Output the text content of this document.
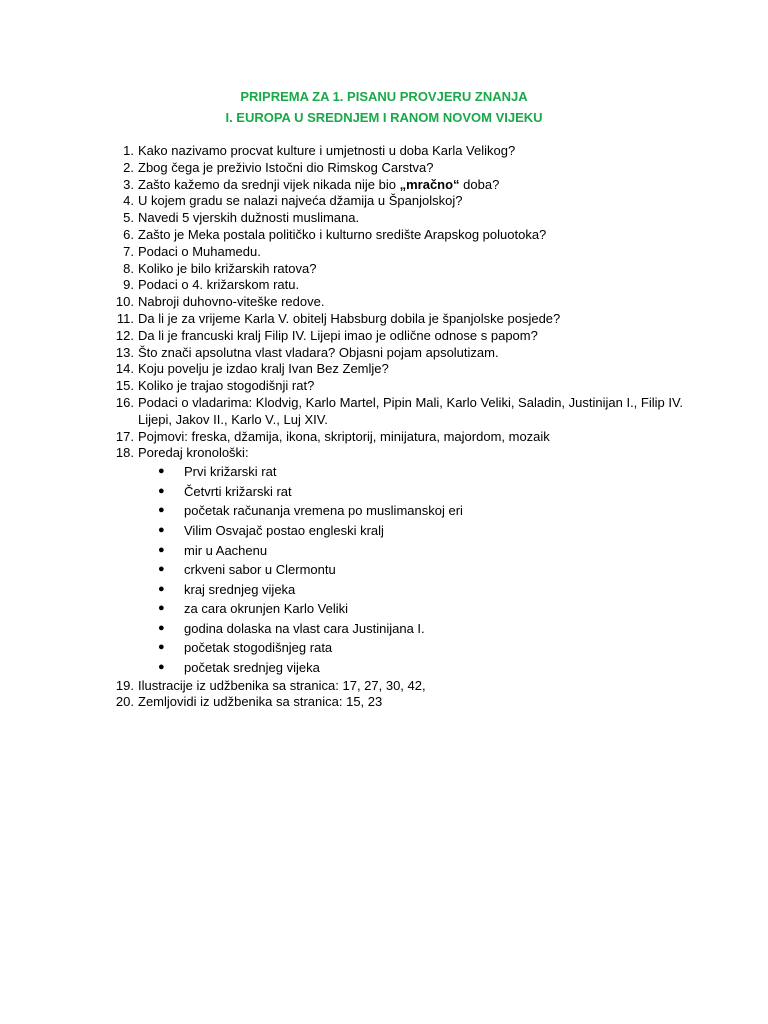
PRIPREMA ZA 1. PISANU PROVJERU ZNANJA
I. EUROPA U SREDNJEM I RANOM NOVOM VIJEKU
1. Kako nazivamo procvat kulture i umjetnosti u doba Karla Velikog?
2. Zbog čega je preživio Istočni dio Rimskog Carstva?
3. Zašto kažemo da srednji vijek nikada nije bio „mračno“ doba?
4. U kojem gradu se nalazi najveća džamija u Španjolskoj?
5. Navedi 5 vjerskih dužnosti muslimana.
6. Zašto je Meka postala političko i kulturno središte Arapskog poluotoka?
7. Podaci o Muhamedu.
8. Koliko je bilo križarskih ratova?
9. Podaci o 4. križarskom ratu.
10. Nabroji duhovno-viteške redove.
11. Da li je za vrijeme Karla V. obitelj Habsburg dobila je španjolske posjede?
12. Da li je francuski kralj Filip IV. Lijepi imao je odlične odnose s papom?
13. Što znači apsolutna vlast vladara? Objasni pojam apsolutizam.
14. Koju povelju je izdao kralj Ivan Bez Zemlje?
15. Koliko je trajao stogodišnji rat?
16. Podaci o vladarima: Klodvig, Karlo Martel, Pipin Mali, Karlo Veliki, Saladin, Justinijan I., Filip IV.
Lijepi, Jakov II., Karlo V., Luj XIV.
17. Pojmovi: freska, džamija, ikona, skriptorij, minijatura, majordom, mozaik
18. Poredaj kronološki:
● Prvi križarski rat
● Četvrti križarski rat
● početak računanja vremena po muslimanskoj eri
● Vilim Osvajač postao engleski kralj
● mir u Aachenu
● crkveni sabor u Clermontu
● kraj srednjeg vijeka
● za cara okrunjen Karlo Veliki
● godina dolaska na vlast cara Justinijana I.
● početak stogodišnjeg rata
● početak srednjeg vijeka
19. Ilustracije iz udžbenika sa stranica: 17, 27, 30, 42,
20. Zemljovidi iz udžbenika sa stranica: 15, 23
